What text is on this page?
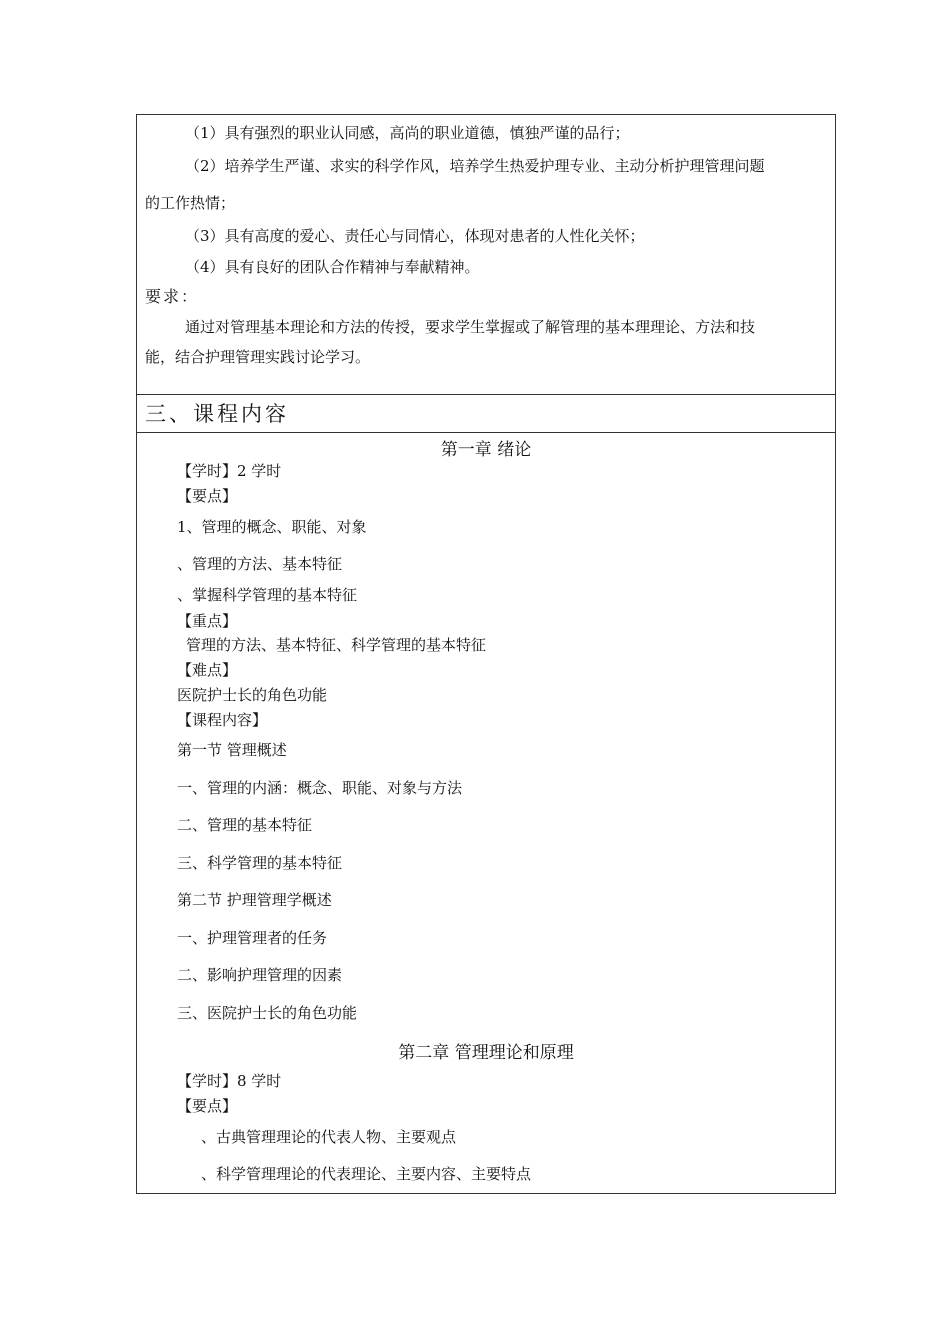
（1）具有强烈的职业认同感，高尚的职业道德，慎独严谨的品行；
（2）培养学生严谨、求实的科学作风，培养学生热爱护理专业、主动分析护理管理问题
的工作热情；
（3）具有高度的爱心、责任心与同情心，体现对患者的人性化关怀；
（4）具有良好的团队合作精神与奉献精神。
要求：
通过对管理基本理论和方法的传授，要求学生掌握或了解管理的基本理理论、方法和技
能，结合护理管理实践讨论学习。
三、课程内容
第一章 绪论
【学时】2 学时
【要点】
1、管理的概念、职能、对象
、管理的方法、基本特征
、掌握科学管理的基本特征
【重点】
管理的方法、基本特征、科学管理的基本特征
【难点】
医院护士长的角色功能
【课程内容】
第一节 管理概述
一、管理的内涵：概念、职能、对象与方法
二、管理的基本特征
三、科学管理的基本特征
第二节 护理管理学概述
一、护理管理者的任务
二、影响护理管理的因素
三、医院护士长的角色功能
第二章 管理理论和原理
【学时】8 学时
【要点】
、古典管理理论的代表人物、主要观点
、科学管理理论的代表理论、主要内容、主要特点
